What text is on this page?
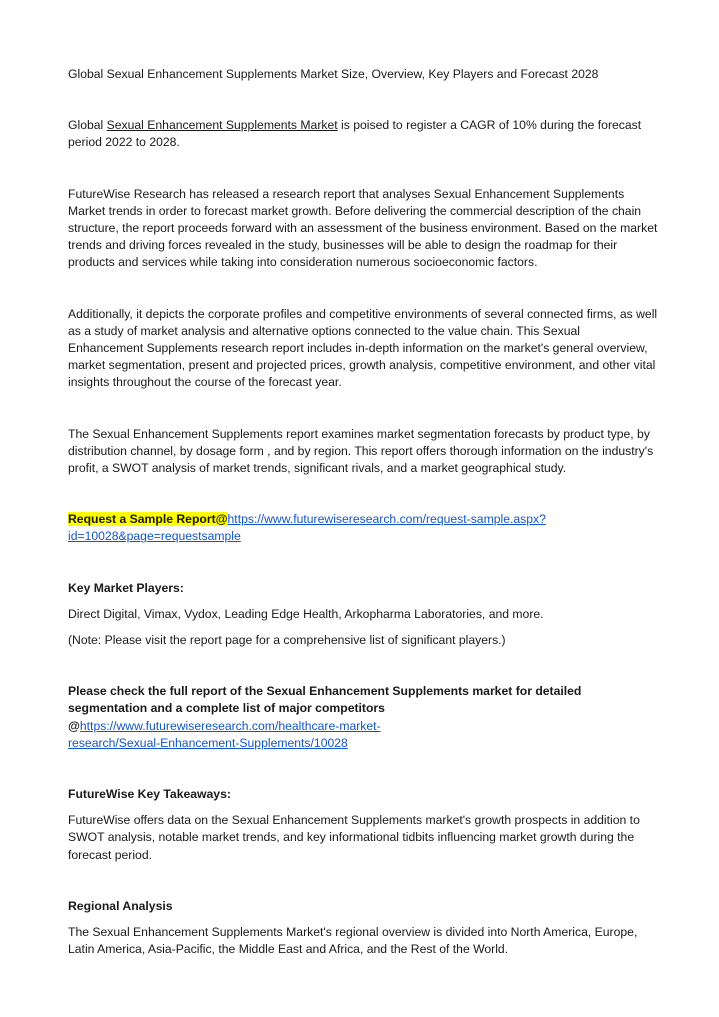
Global Sexual Enhancement Supplements Market Size, Overview, Key Players and Forecast 2028

Global Sexual Enhancement Supplements Market is poised to register a CAGR of 10% during the forecast period 2022 to 2028.

FutureWise Research has released a research report that analyses Sexual Enhancement Supplements Market trends in order to forecast market growth. Before delivering the commercial description of the chain structure, the report proceeds forward with an assessment of the business environment. Based on the market trends and driving forces revealed in the study, businesses will be able to design the roadmap for their products and services while taking into consideration numerous socioeconomic factors.

Additionally, it depicts the corporate profiles and competitive environments of several connected firms, as well as a study of market analysis and alternative options connected to the value chain. This Sexual Enhancement Supplements research report includes in-depth information on the market's general overview, market segmentation, present and projected prices, growth analysis, competitive environment, and other vital insights throughout the course of the forecast year.

The Sexual Enhancement Supplements report examines market segmentation forecasts by product type, by distribution channel, by dosage form , and by region. This report offers thorough information on the industry's profit, a SWOT analysis of market trends, significant rivals, and a market geographical study.

Request a Sample Report@https://www.futurewiseresearch.com/request-sample.aspx?
id=10028&page=requestsample

Key Market Players:

Direct Digital, Vimax, Vydox, Leading Edge Health, Arkopharma Laboratories, and more.

(Note: Please visit the report page for a comprehensive list of significant players.)

Please check the full report of the Sexual Enhancement Supplements market for detailed segmentation and a complete list of major competitors @https://www.futurewiseresearch.com/healthcare-market-
research/Sexual-Enhancement-Supplements/10028

FutureWise Key Takeaways:

FutureWise offers data on the Sexual Enhancement Supplements market's growth prospects in addition to SWOT analysis, notable market trends, and key informational tidbits influencing market growth during the forecast period.

Regional Analysis

The Sexual Enhancement Supplements Market's regional overview is divided into North America, Europe, Latin America, Asia-Pacific, the Middle East and Africa, and the Rest of the World.
